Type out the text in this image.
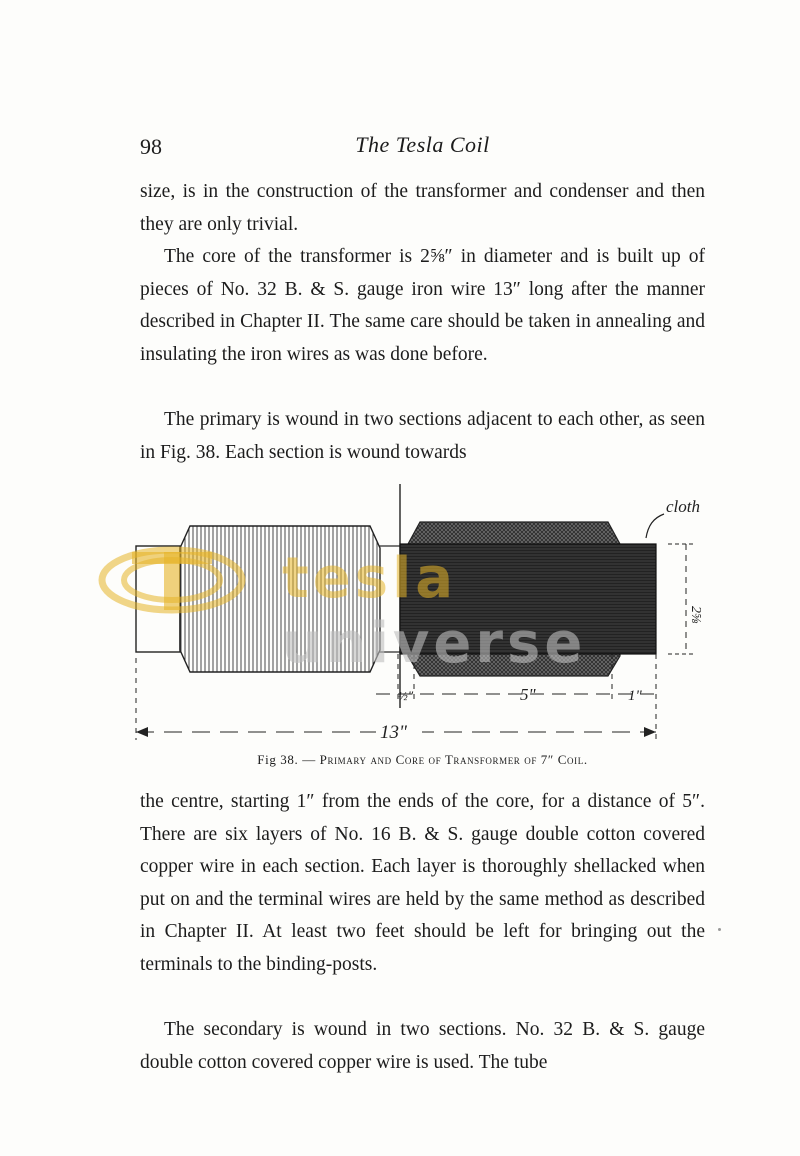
98	The Tesla Coil

size, is in the construction of the transformer and condenser and then they are only trivial.

The core of the transformer is 2⅝″ in diameter and is built up of pieces of No. 32 B. & S. gauge iron wire 13″ long after the manner described in Chapter II. The same care should be taken in annealing and insulating the iron wires as was done before.

The primary is wound in two sections adjacent to each other, as seen in Fig. 38. Each section is wound towards

cloth
2⅝
½"	5"	1"
13"
tesla universe
Fig 38. — Primary and Core of Transformer of 7″ Coil.

the centre, starting 1″ from the ends of the core, for a distance of 5″. There are six layers of No. 16 B. & S. gauge double cotton covered copper wire in each section. Each layer is thoroughly shellacked when put on and the terminal wires are held by the same method as described in Chapter II. At least two feet should be left for bringing out the terminals to the binding-posts.

The secondary is wound in two sections. No. 32 B. & S. gauge double cotton covered copper wire is used. The tube
